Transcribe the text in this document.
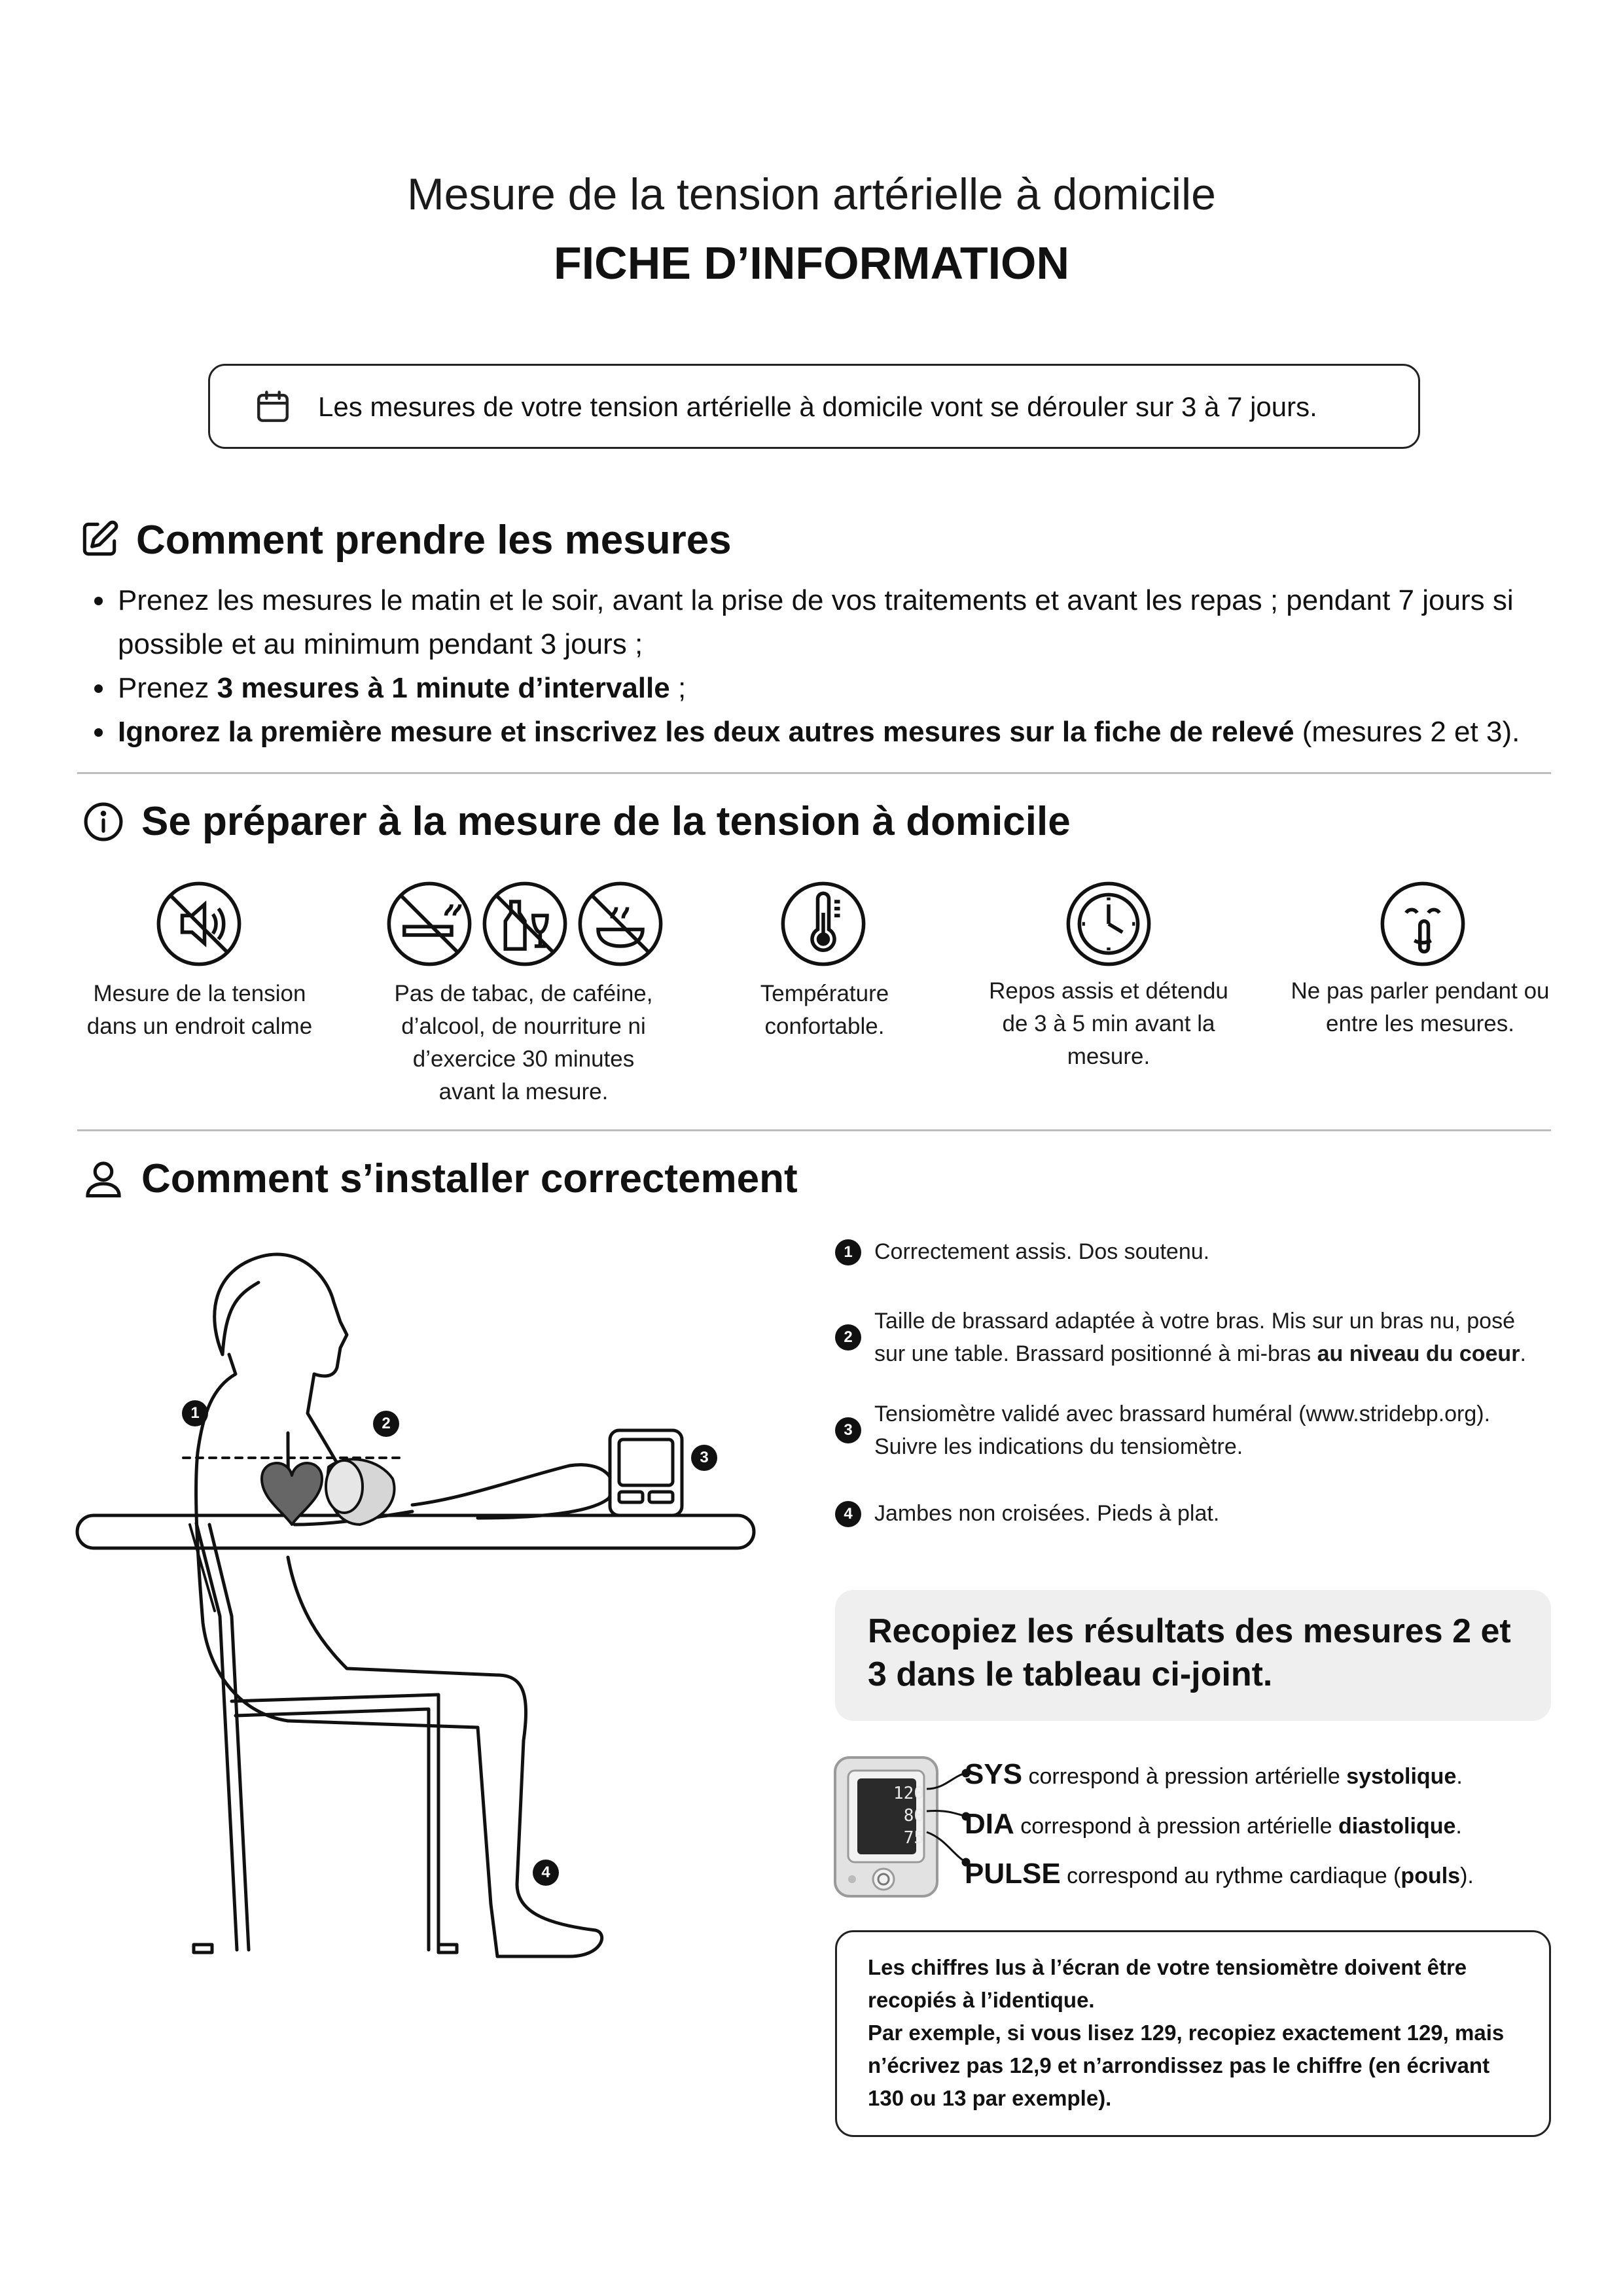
Mesure de la tension artérielle à domicile
FICHE D’INFORMATION
Les mesures de votre tension artérielle à domicile vont se dérouler sur 3 à 7 jours.
Comment prendre les mesures
Prenez les mesures le matin et le soir, avant la prise de vos traitements et avant les repas ; pendant 7 jours si possible et au minimum pendant 3 jours ;
Prenez 3 mesures à 1 minute d’intervalle ;
Ignorez la première mesure et inscrivez les deux autres mesures sur la fiche de relevé (mesures 2 et 3).
Se préparer à la mesure de la tension à domicile
Mesure de la tension dans un endroit calme
Pas de tabac, de caféine, d’alcool, de nourriture ni d’exercice 30 minutes avant la mesure.
Température confortable.
Repos assis et détendu de 3 à 5 min avant la mesure.
Ne pas parler pendant ou entre les mesures.
Comment s’installer correctement
1
2
3
4
1 Correctement assis. Dos soutenu.
2
Taille de brassard adaptée à votre bras. Mis sur un bras nu, posé
sur une table. Brassard positionné à mi-bras au niveau du coeur.
3
Tensiomètre validé avec brassard huméral (www.stridebp.org).
Suivre les indications du tensiomètre.
4 Jambes non croisées. Pieds à plat.
Recopiez les résultats des mesures 2 et 3 dans le tableau ci-joint.
120
80
75
SYS correspond à pression artérielle systolique.
DIA correspond à pression artérielle diastolique.
PULSE correspond au rythme cardiaque (pouls).
Les chiffres lus à l’écran de votre tensiomètre doivent être recopiés à l’identique.
Par exemple, si vous lisez 129, recopiez exactement 129, mais n’écrivez pas 12,9 et n’arrondissez pas le chiffre (en écrivant 130 ou 13 par exemple).
